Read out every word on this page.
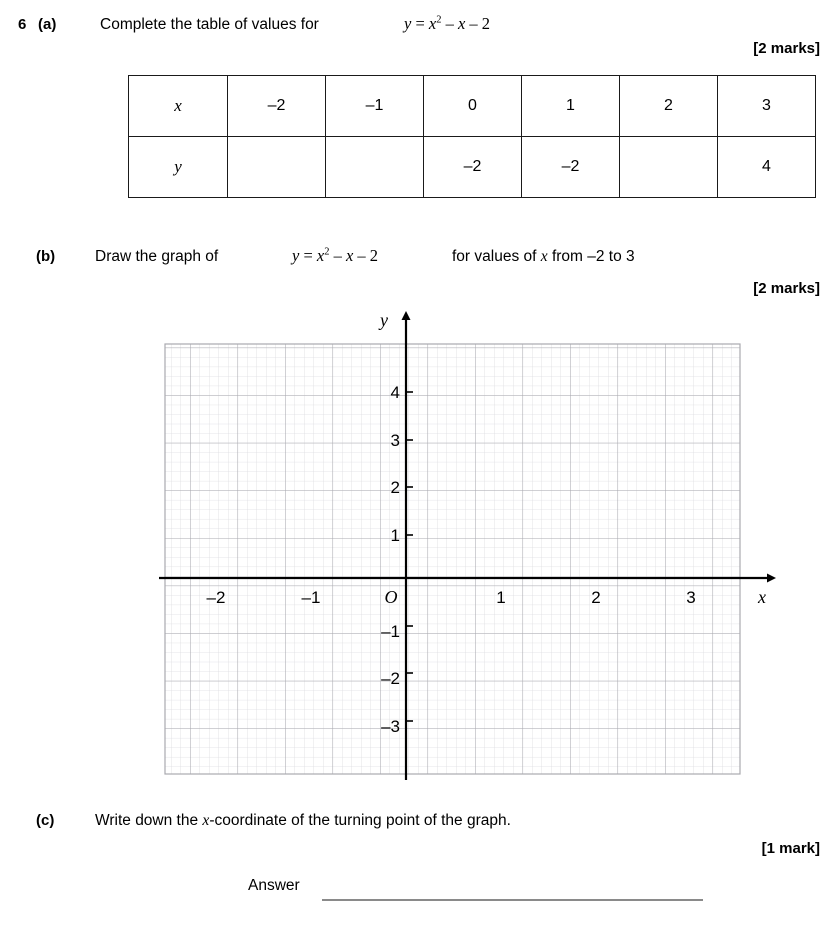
6 (a)	Complete the table of values for	$y = x^2 - x - 2$
[2 marks]
x	–2	–1	0	1	2	3
y			–2	–2		4
(b)	Draw the graph of	$y = x^2 - x - 2$	for values of x from –2 to 3
[2 marks]
4
3
2
1
–1
–2
–3
–2	–1	1	2	3
O
y
x
(c)	Write down the x-coordinate of the turning point of the graph.
[1 mark]
Answer
